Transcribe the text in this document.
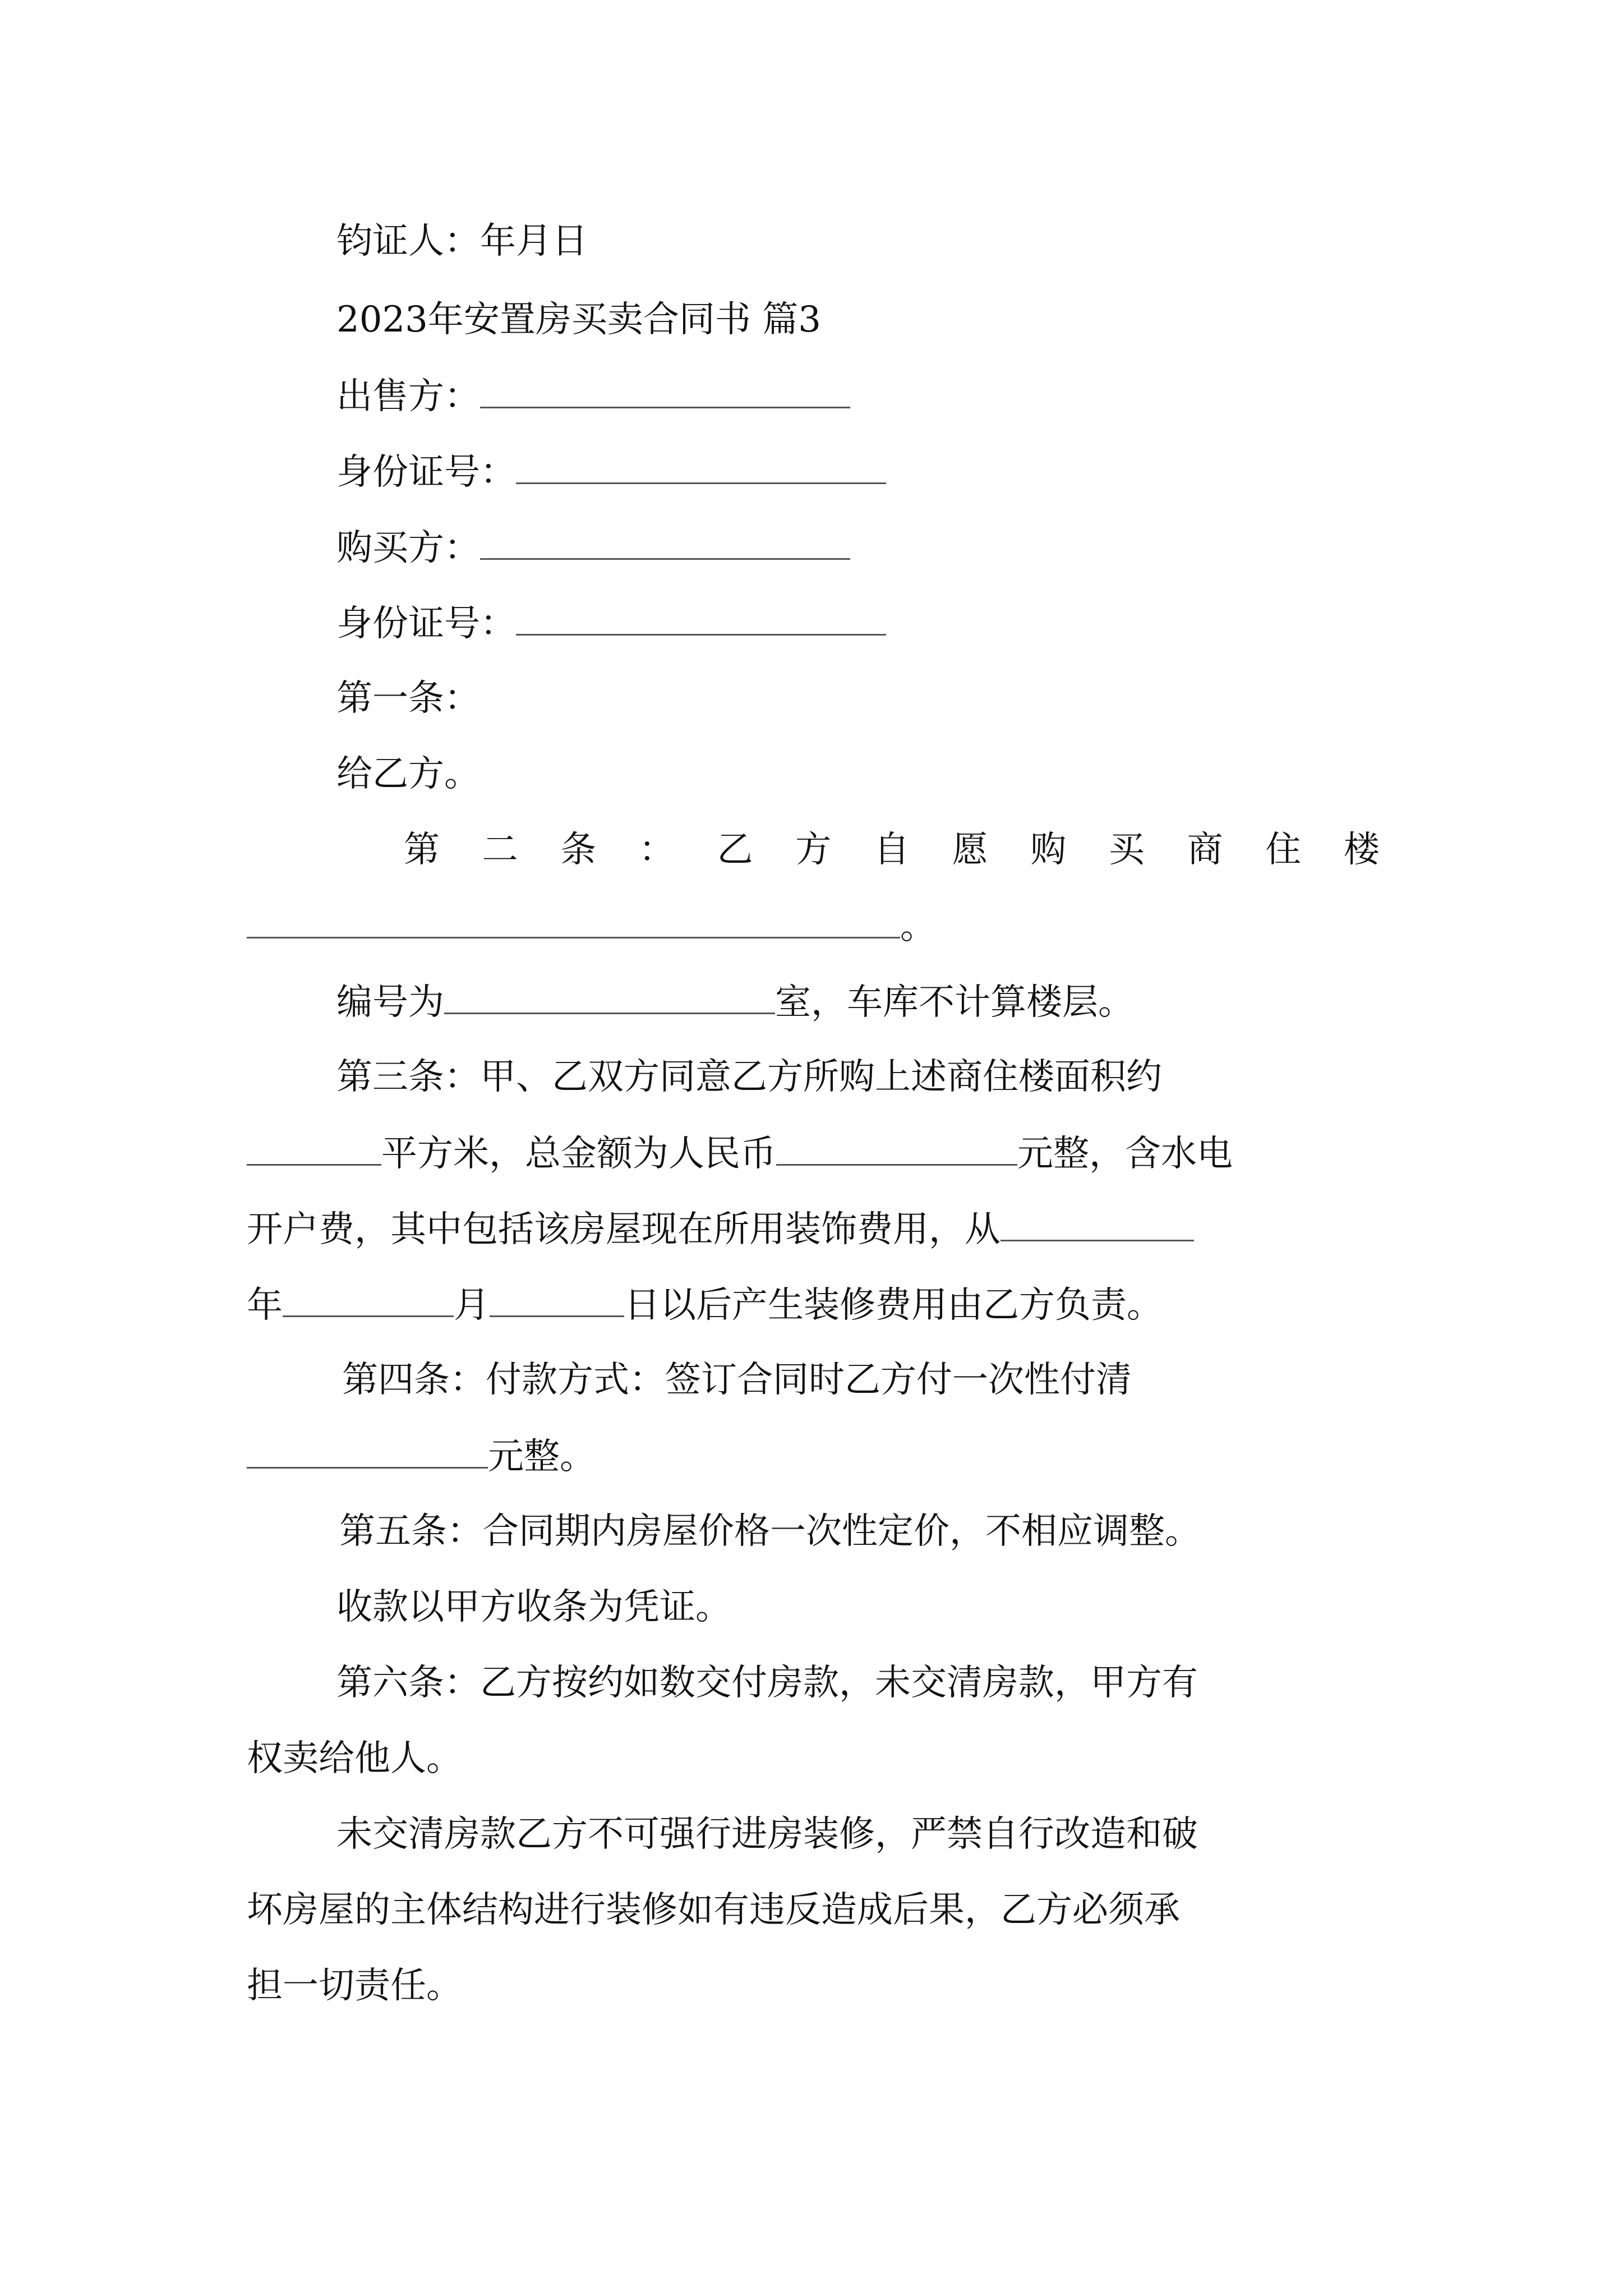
钧证人：年月日
2023年安置房买卖合同书 篇3
出售方：
身份证号：
购买方：
身份证号：
第一条：
给乙方。
第 二 条 ： 乙 方 自 愿 购 买 商 住 楼
。
编号为	室，车库不计算楼层。
第三条：甲、乙双方同意乙方所购上述商住楼面积约
平方米，总金额为人民币	元整，含水电
开户费，其中包括该房屋现在所用装饰费用，从
年	月	日以后产生装修费用由乙方负责。
第四条：付款方式：签订合同时乙方付一次性付清
元整。
第五条：合同期内房屋价格一次性定价，不相应调整。
收款以甲方收条为凭证。
第六条：乙方按约如数交付房款，未交清房款，甲方有
权卖给他人。
未交清房款乙方不可强行进房装修，严禁自行改造和破
坏房屋的主体结构进行装修如有违反造成后果，乙方必须承
担一切责任。
